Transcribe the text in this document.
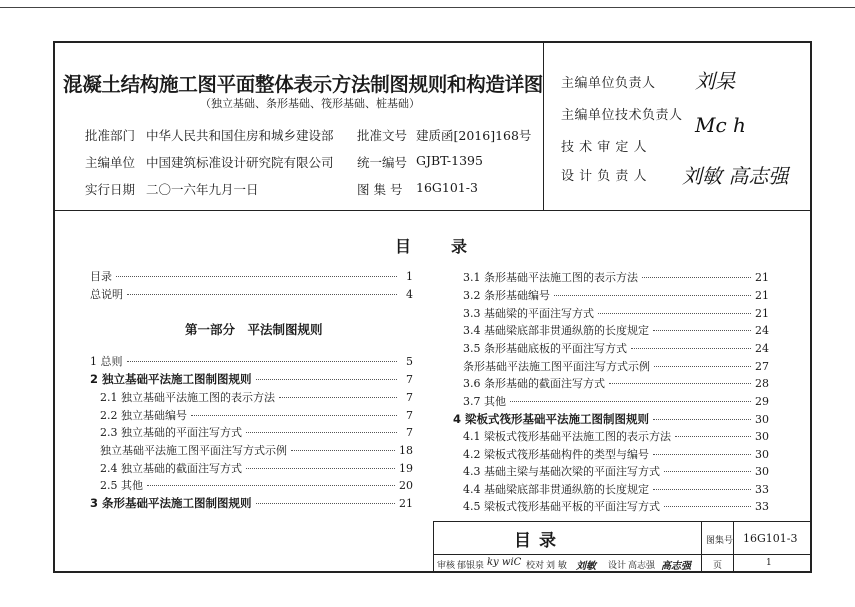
混凝土结构施工图平面整体表示方法制图规则和构造详图
（独立基础、条形基础、筏形基础、桩基础）
批准部门 中华人民共和国住房和城乡建设部 批准文号 建质函[2016]168号
主编单位 中国建筑标准设计研究院有限公司 统一编号 GJBT-1395
实行日期 二〇一六年九月一日	图 集 号 16G101-3
主编单位负责人 刘杲
主编单位技术负责人 Mc h
技 术 审 定 人
设 计 负 责 人 刘敏 高志强
目 录
第一部分　平法制图规则
目录	1
总说明	4
1 总则	5
2 独立基础平法施工图制图规则	7
2.1 独立基础平法施工图的表示方法	7
2.2 独立基础编号	7
2.3 独立基础的平面注写方式	7
独立基础平法施工图平面注写方式示例	18
2.4 独立基础的截面注写方式	19
2.5 其他	20
3 条形基础平法施工图制图规则	21
3.1 条形基础平法施工图的表示方法	21
3.2 条形基础编号	21
3.3 基础梁的平面注写方式	21
3.4 基础梁底部非贯通纵筋的长度规定	24
3.5 条形基础底板的平面注写方式	24
条形基础平法施工图平面注写方式示例	27
3.6 条形基础的截面注写方式	28
3.7 其他	29
4 梁板式筏形基础平法施工图制图规则	30
4.1 梁板式筏形基础平法施工图的表示方法	30
4.2 梁板式筏形基础构件的类型与编号	30
4.3 基础主梁与基础次梁的平面注写方式	30
4.4 基础梁底部非贯通纵筋的长度规定	33
4.5 梁板式筏形基础平板的平面注写方式	33
目录	图集号 16G101-3
审核 郁银泉 ky wiC 校对 刘 敏 刘敏 设计 高志强 高志强 页	1
